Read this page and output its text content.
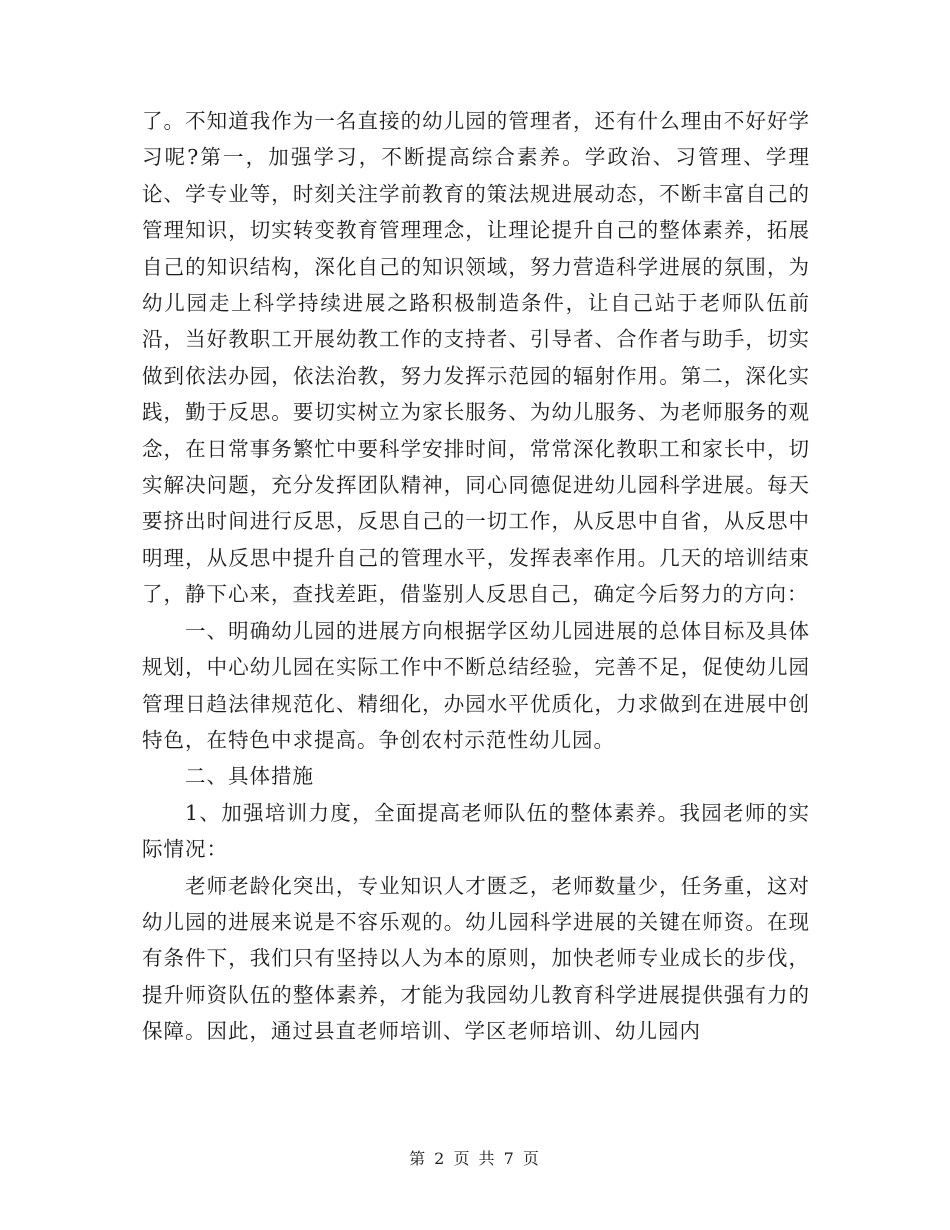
了。不知道我作为一名直接的幼儿园的管理者，还有什么理由不好好学习呢?第一，加强学习，不断提高综合素养。学政治、习管理、学理论、学专业等，时刻关注学前教育的策法规进展动态，不断丰富自己的管理知识，切实转变教育管理理念，让理论提升自己的整体素养，拓展自己的知识结构，深化自己的知识领域，努力营造科学进展的氛围，为幼儿园走上科学持续进展之路积极制造条件，让自己站于老师队伍前沿，当好教职工开展幼教工作的支持者、引导者、合作者与助手，切实做到依法办园，依法治教，努力发挥示范园的辐射作用。第二，深化实践，勤于反思。要切实树立为家长服务、为幼儿服务、为老师服务的观念，在日常事务繁忙中要科学安排时间，常常深化教职工和家长中，切实解决问题，充分发挥团队精神，同心同德促进幼儿园科学进展。每天要挤出时间进行反思，反思自己的一切工作，从反思中自省，从反思中明理，从反思中提升自己的管理水平，发挥表率作用。几天的培训结束了，静下心来，查找差距，借鉴别人反思自己，确定今后努力的方向：

一、明确幼儿园的进展方向根据学区幼儿园进展的总体目标及具体规划，中心幼儿园在实际工作中不断总结经验，完善不足，促使幼儿园管理日趋法律规范化、精细化，办园水平优质化，力求做到在进展中创特色，在特色中求提高。争创农村示范性幼儿园。

二、具体措施

1、加强培训力度，全面提高老师队伍的整体素养。我园老师的实际情况：

老师老龄化突出，专业知识人才匮乏，老师数量少，任务重，这对幼儿园的进展来说是不容乐观的。幼儿园科学进展的关键在师资。在现有条件下，我们只有坚持以人为本的原则，加快老师专业成长的步伐，提升师资队伍的整体素养，才能为我园幼儿教育科学进展提供强有力的保障。因此，通过县直老师培训、学区老师培训、幼儿园内

第 2 页 共 7 页
